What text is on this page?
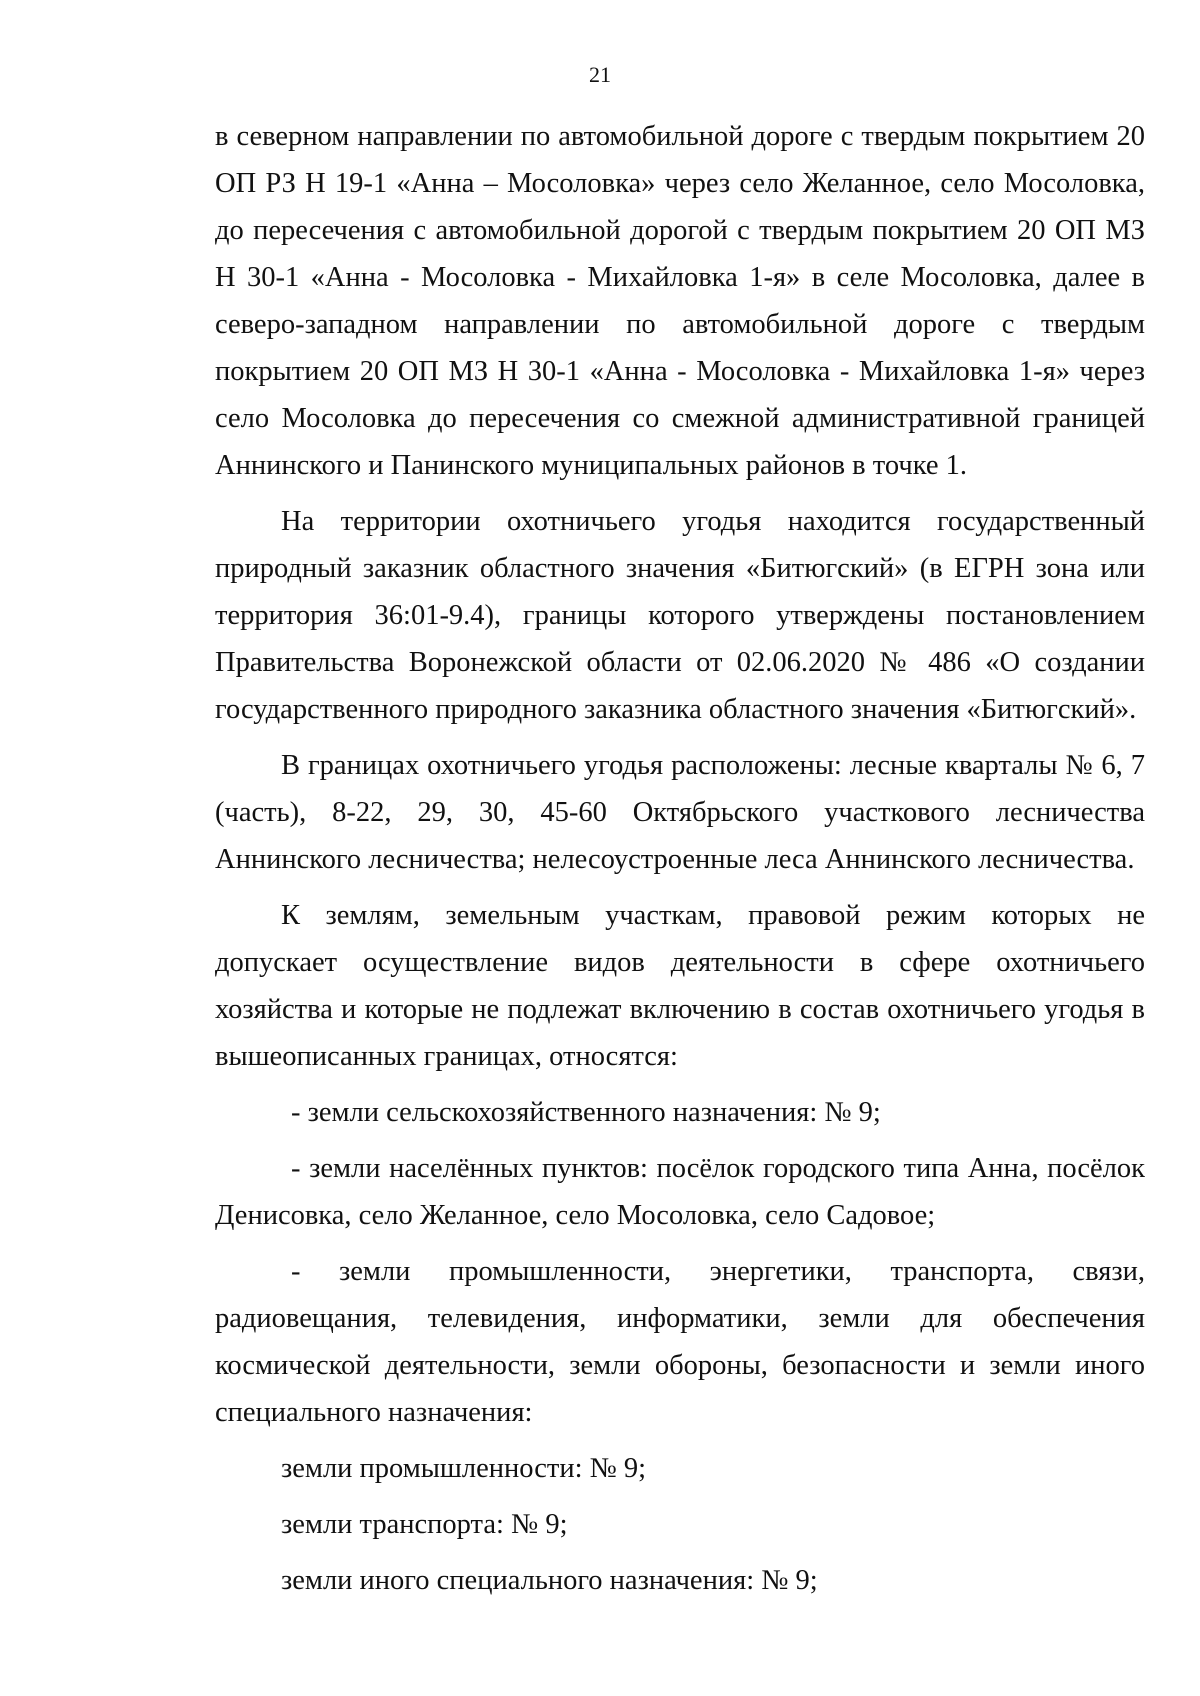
21

в северном направлении по автомобильной дороге с твердым покрытием 20 ОП РЗ Н 19-1 «Анна – Мосоловка» через село Желанное, село Мосоловка, до пересечения с автомобильной дорогой с твердым покрытием 20 ОП МЗ Н 30-1 «Анна - Мосоловка - Михайловка 1-я» в селе Мосоловка, далее в северо-западном направлении по автомобильной дороге с твердым покрытием 20 ОП МЗ Н 30-1 «Анна - Мосоловка - Михайловка 1-я» через село Мосоловка до пересечения со смежной административной границей Аннинского и Панинского муниципальных районов в точке 1.

На территории охотничьего угодья находится государственный природный заказник областного значения «Битюгский» (в ЕГРН зона или территория 36:01-9.4), границы которого утверждены постановлением Правительства Воронежской области от 02.06.2020 № 486 «О создании государственного природного заказника областного значения «Битюгский».

В границах охотничьего угодья расположены: лесные кварталы № 6, 7 (часть), 8-22, 29, 30, 45-60 Октябрьского участкового лесничества Аннинского лесничества; нелесоустроенные леса Аннинского лесничества.

К землям, земельным участкам, правовой режим которых не допускает осуществление видов деятельности в сфере охотничьего хозяйства и которые не подлежат включению в состав охотничьего угодья в вышеописанных границах, относятся:

- земли сельскохозяйственного назначения: № 9;

- земли населённых пунктов: посёлок городского типа Анна, посёлок Денисовка, село Желанное, село Мосоловка, село Садовое;

- земли промышленности, энергетики, транспорта, связи, радиовещания, телевидения, информатики, земли для обеспечения космической деятельности, земли обороны, безопасности и земли иного специального назначения:

земли промышленности: № 9;
земли транспорта: № 9;
земли иного специального назначения: № 9;
